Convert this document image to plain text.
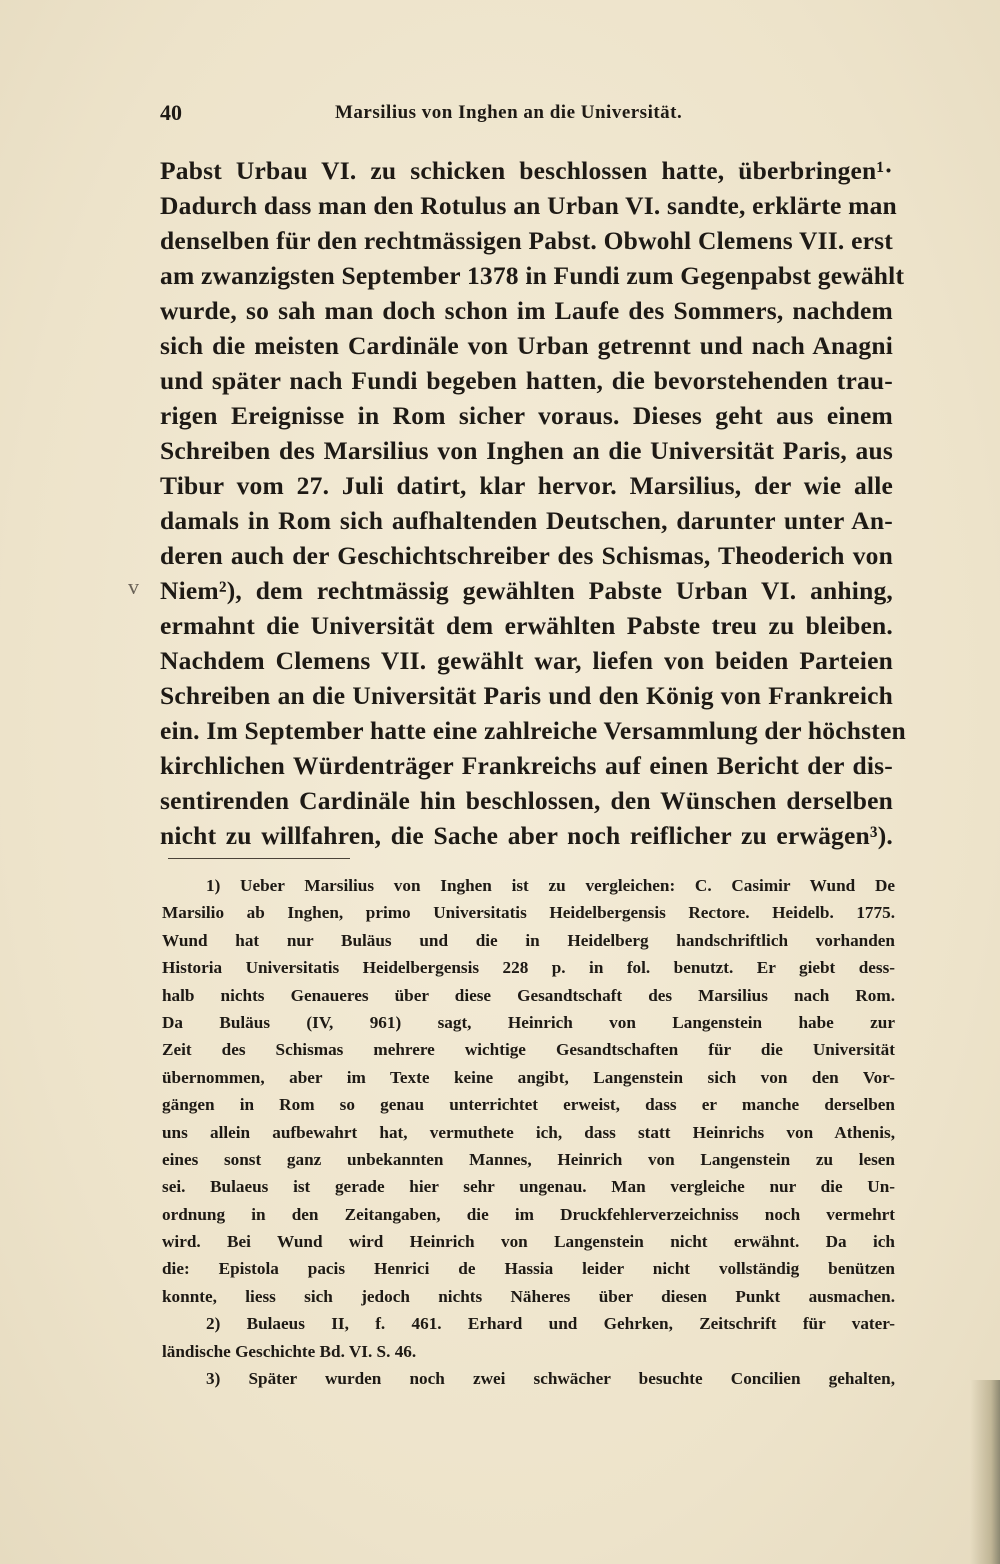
40	Marsilius von Inghen an die Universität.
v
Pabst Urbau VI. zu schicken beschlossen hatte, überbringen¹·
Dadurch dass man den Rotulus an Urban VI. sandte, erklärte man
denselben für den rechtmässigen Pabst. Obwohl Clemens VII. erst
am zwanzigsten September 1378 in Fundi zum Gegenpabst gewählt
wurde, so sah man doch schon im Laufe des Sommers, nachdem
sich die meisten Cardinäle von Urban getrennt und nach Anagni
und später nach Fundi begeben hatten, die bevorstehenden trau-
rigen Ereignisse in Rom sicher voraus. Dieses geht aus einem
Schreiben des Marsilius von Inghen an die Universität Paris, aus
Tibur vom 27. Juli datirt, klar hervor. Marsilius, der wie alle
damals in Rom sich aufhaltenden Deutschen, darunter unter An-
deren auch der Geschichtschreiber des Schismas, Theoderich von
Niem²), dem rechtmässig gewählten Pabste Urban VI. anhing,
ermahnt die Universität dem erwählten Pabste treu zu bleiben.
Nachdem Clemens VII. gewählt war, liefen von beiden Parteien
Schreiben an die Universität Paris und den König von Frankreich
ein. Im September hatte eine zahlreiche Versammlung der höchsten
kirchlichen Würdenträger Frankreichs auf einen Bericht der dis-
sentirenden Cardinäle hin beschlossen, den Wünschen derselben
nicht zu willfahren, die Sache aber noch reiflicher zu erwägen³).
1) Ueber Marsilius von Inghen ist zu vergleichen: C. Casimir Wund De
Marsilio ab Inghen, primo Universitatis Heidelbergensis Rectore. Heidelb. 1775.
Wund hat nur Buläus und die in Heidelberg handschriftlich vorhanden
Historia Universitatis Heidelbergensis 228 p. in fol. benutzt. Er giebt dess-
halb nichts Genaueres über diese Gesandtschaft des Marsilius nach Rom.
Da Buläus (IV, 961) sagt, Heinrich von Langenstein habe zur
Zeit des Schismas mehrere wichtige Gesandtschaften für die Universität
übernommen, aber im Texte keine angibt, Langenstein sich von den Vor-
gängen in Rom so genau unterrichtet erweist, dass er manche derselben
uns allein aufbewahrt hat, vermuthete ich, dass statt Heinrichs von Athenis,
eines sonst ganz unbekannten Mannes, Heinrich von Langenstein zu lesen
sei. Bulaeus ist gerade hier sehr ungenau. Man vergleiche nur die Un-
ordnung in den Zeitangaben, die im Druckfehlerverzeichniss noch vermehrt
wird. Bei Wund wird Heinrich von Langenstein nicht erwähnt. Da ich
die: Epistola pacis Henrici de Hassia leider nicht vollständig benützen
konnte, liess sich jedoch nichts Näheres über diesen Punkt ausmachen.
2) Bulaeus II, f. 461. Erhard und Gehrken, Zeitschrift für vater-
ländische Geschichte Bd. VI. S. 46.
3) Später wurden noch zwei schwächer besuchte Concilien gehalten,
